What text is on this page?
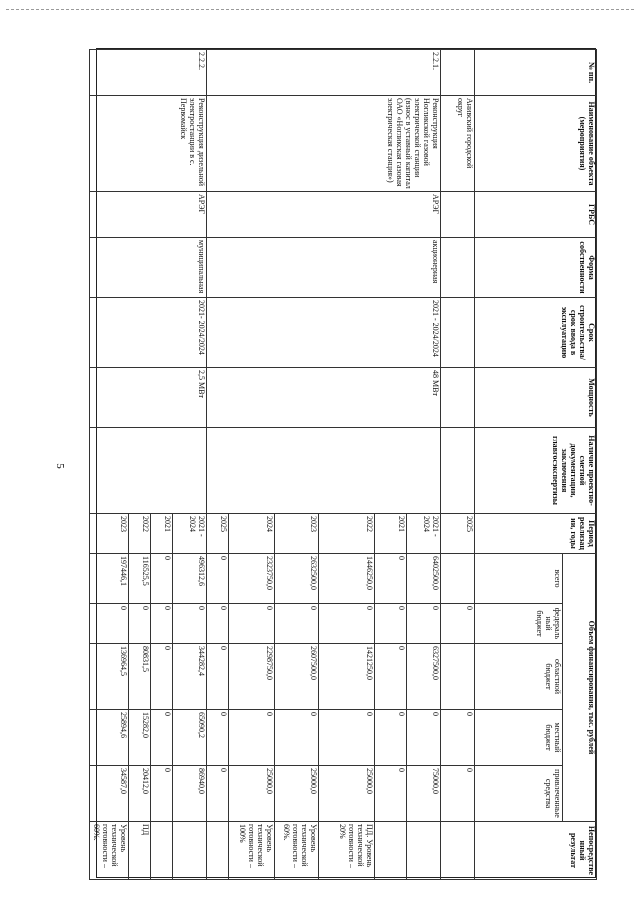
5
№ пп.	Наименование объекта (мероприятия)	ГРБС	Форма собственности	Срок строительства/срок ввода в эксплуатацию	Мощность	Наличие проектно-сметной документации, заключения главгосэкспертизы	Период реализации, годы	Объем финансирования, тыс. рублей					Непосредственный результат
								всего	федеральный бюджет	областной бюджет	местный бюджет	привлеченные средства	
	Анивский городской округ						2025		0		0	0	
2.2.1.	Реконструкция Ногликской газовой электрической станции (взнос в уставный капитал ОАО «Ногликская газовая электрическая станция»)	АРЭГ	акционерная	2021 - 2024/2024	48 МВт		2021 - 2024	6402500,0	0	6327500,0	0	75000,0	
							2021	0	0	0	0	0	
							2022	1446250,0	0	1421250,0	0	25000,0	ПД. Уровень технической готовности – 20%
							2023	2632500,0	0	2607500,0	0	25000,0	Уровень технической готовности – 60%.
							2024	2323750,0	0	2298750,0	0	25000,0	Уровень технической готовности – 100%
							2025	0	0	0	0	0	
2.2.2.	Реконструкция дизельной электростанции в с. Первомайск	АРЭГ	муниципальная	2021- 2024/2024	2,5 МВт		2021 - 2024	496312,6	0	344282,4	65090,2	86940,0	
							2021	0	0	0	0	0	
							2022	116525,5	0	80831,5	15282,0	20412,0	ПД
							2023	197446,1	0	136964,5	25894,6	34587,0	Уровень технической готовности – 60%.
